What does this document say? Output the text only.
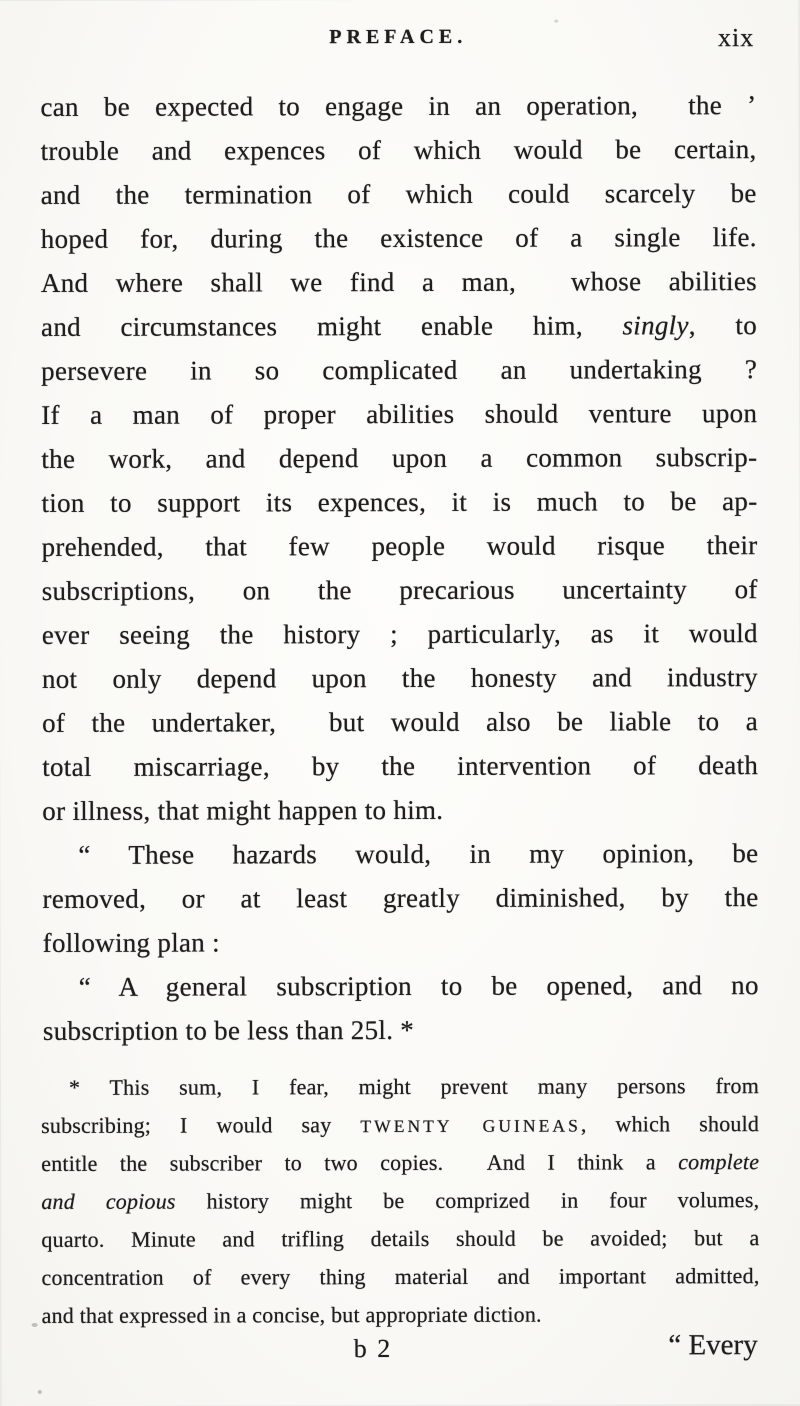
PREFACE.	xix
can be expected to engage in an operation,  the ’
trouble and expences of which would be certain,
and the termination of which could scarcely be
hoped for, during the existence of a single life.
And where shall we find a man,  whose abilities
and circumstances might enable him, singly, to
persevere in so complicated an undertaking ?
If a man of proper abilities should venture upon
the work, and depend upon a common subscrip-
tion to support its expences, it is much to be ap-
prehended, that few people would risque their
subscriptions, on the precarious uncertainty of
ever seeing the history ; particularly, as it would
not only depend upon the honesty and industry
of the undertaker,  but would also be liable to a
total miscarriage, by the intervention of death
or illness, that might happen to him.
“ These hazards would, in my opinion, be
removed, or at least greatly diminished, by the
following plan :
“ A general subscription to be opened, and no
subscription to be less than 25l. *
* This sum, I fear, might prevent many persons from
subscribing; I would say TWENTY GUINEAS, which should
entitle the subscriber to two copies.  And I think a complete
and copious history might be comprized in four volumes,
quarto. Minute and trifling details should be avoided; but a
concentration of every thing material and important admitted,
and that expressed in a concise, but appropriate diction.
b 2	“ Every
